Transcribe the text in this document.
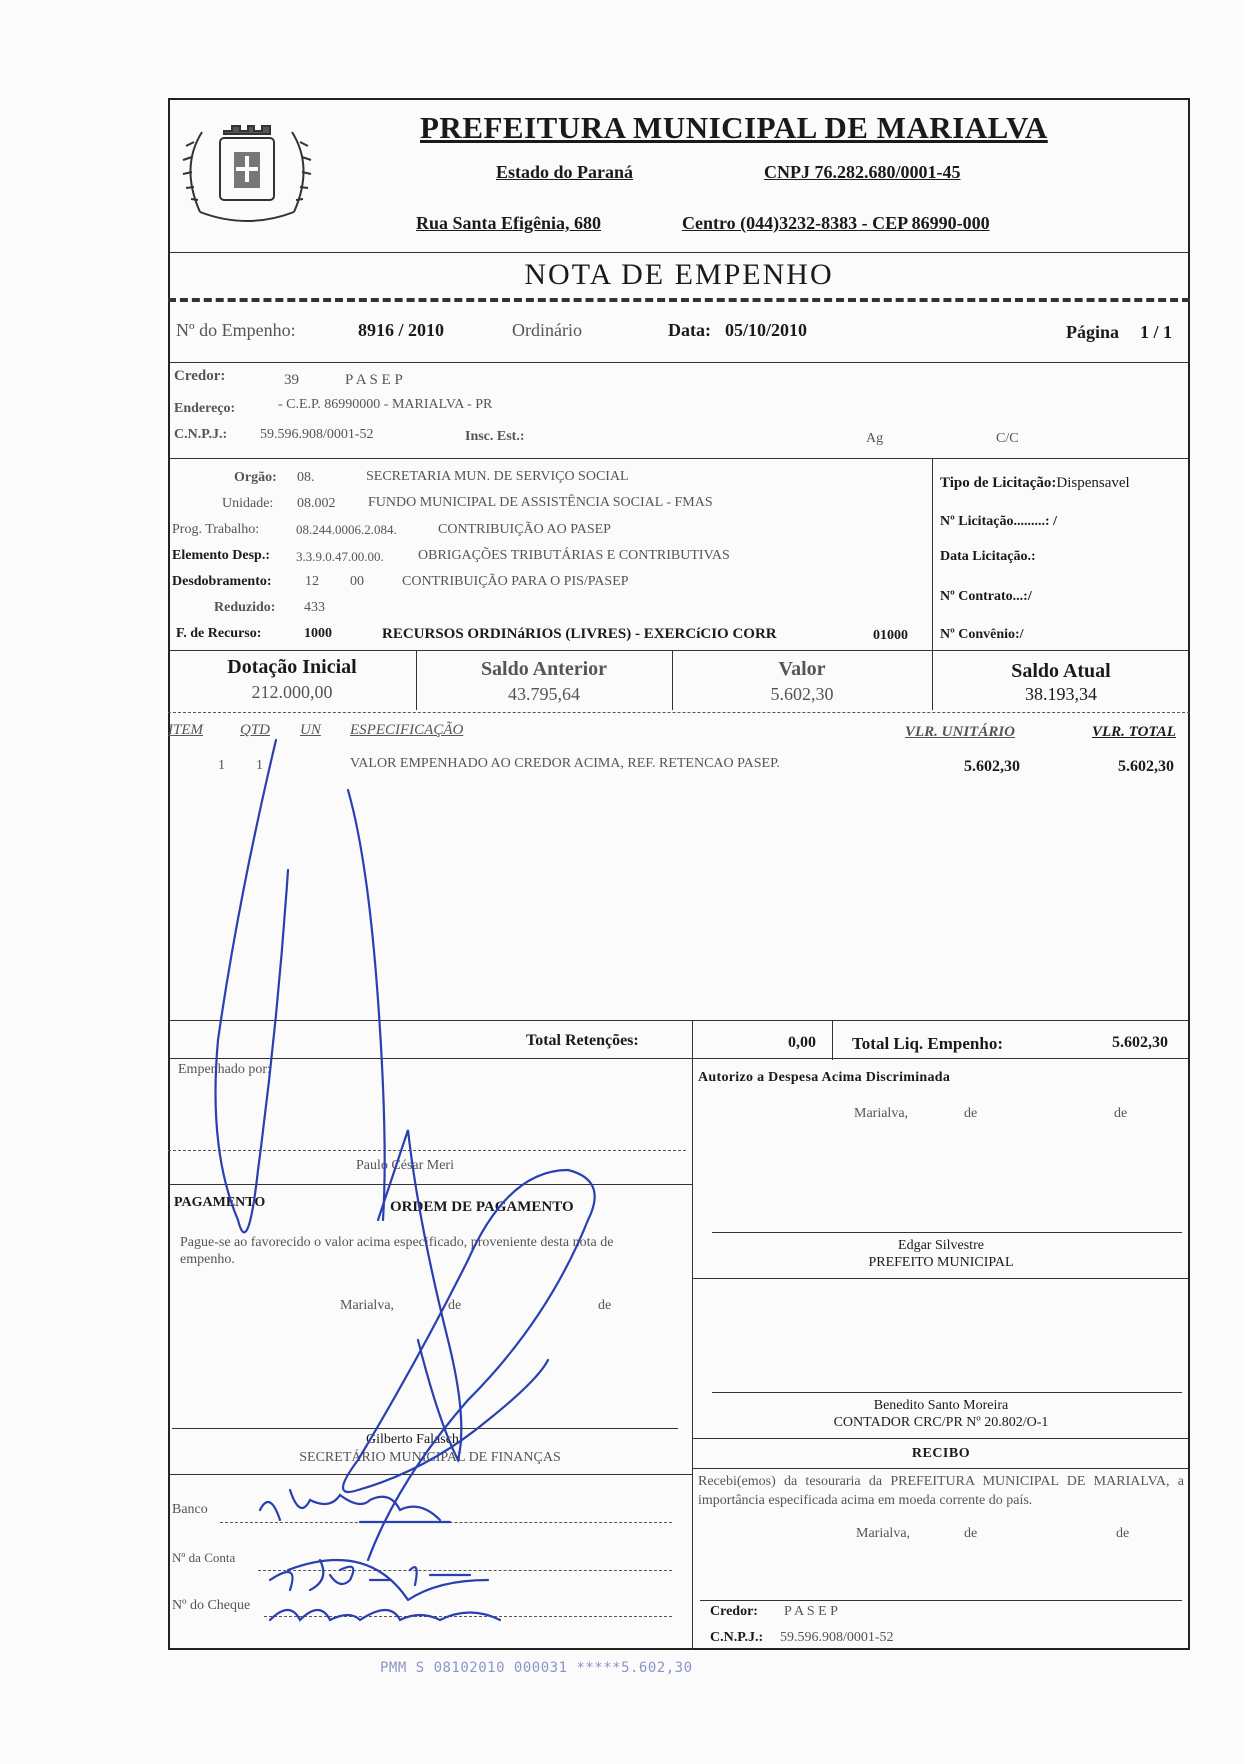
PREFEITURA MUNICIPAL DE MARIALVA
Estado do Paraná	CNPJ 76.282.680/0001-45
Rua Santa Efigênia, 680	Centro (044)3232-8383 - CEP 86990-000
NOTA DE EMPENHO
Nº do Empenho:	8916 / 2010	Ordinário	Data: 05/10/2010	Página 1 / 1
Credor:	39	P A S E P
Endereço:	- C.E.P. 86990000 - MARIALVA - PR
C.N.P.J.: 59.596.908/0001-52	Insc. Est.:	Ag	C/C
Orgão: 08.	SECRETARIA MUN. DE SERVIÇO SOCIAL
Unidade: 08.002 FUNDO MUNICIPAL DE ASSISTÊNCIA SOCIAL - FMAS
Prog. Trabalho:	08.244.0006.2.084.	CONTRIBUIÇÃO AO PASEP
Elemento Desp.: 3.3.9.0.47.00.00. OBRIGAÇÕES TRIBUTÁRIAS E CONTRIBUTIVAS
Desdobramento: 12 00	CONTRIBUIÇÃO PARA O PIS/PASEP
Reduzido: 433
F. de Recurso:	1000	RECURSOS ORDINáRIOS (LIVRES) - EXERCíCIO CORR	01000
Tipo de Licitação:Dispensavel
Nº Licitação.........: /
Data Licitação.:
Nº Contrato...:/
Nº Convênio:/
Dotação Inicial
212.000,00
Saldo Anterior
43.795,64
Valor
5.602,30
Saldo Atual
38.193,34
ITEM QTD UN ESPECIFICAÇÃO	VLR. UNITÁRIO	VLR. TOTAL
1 1	VALOR EMPENHADO AO CREDOR ACIMA, REF. RETENCAO PASEP.	5.602,30	5.602,30
Total Retenções:	0,00 Total Liq. Empenho:	5.602,30
Empenhado por:
Paulo César Meri
Autorizo a Despesa Acima Discriminada
Marialva,	de	de
Edgar Silvestre
PREFEITO MUNICIPAL
PAGAMENTO	ORDEM DE PAGAMENTO
Pague-se ao favorecido o valor acima especificado, proveniente desta nota de empenho.
Marialva,	de	de
Gilberto Falaschi
SECRETÁRIO MUNICIPAL DE FINANÇAS
Benedito Santo Moreira
CONTADOR CRC/PR Nº 20.802/O-1
RECIBO
Recebi(emos) da tesouraria da PREFEITURA MUNICIPAL DE MARIALVA, a importância especificada acima em moeda corrente do país.
Marialva,	de	de
Credor: P A S E P
C.N.P.J.: 59.596.908/0001-52
Banco
Nº da Conta
Nº do Cheque
PMM S 08102010 000031 *****5.602,30
